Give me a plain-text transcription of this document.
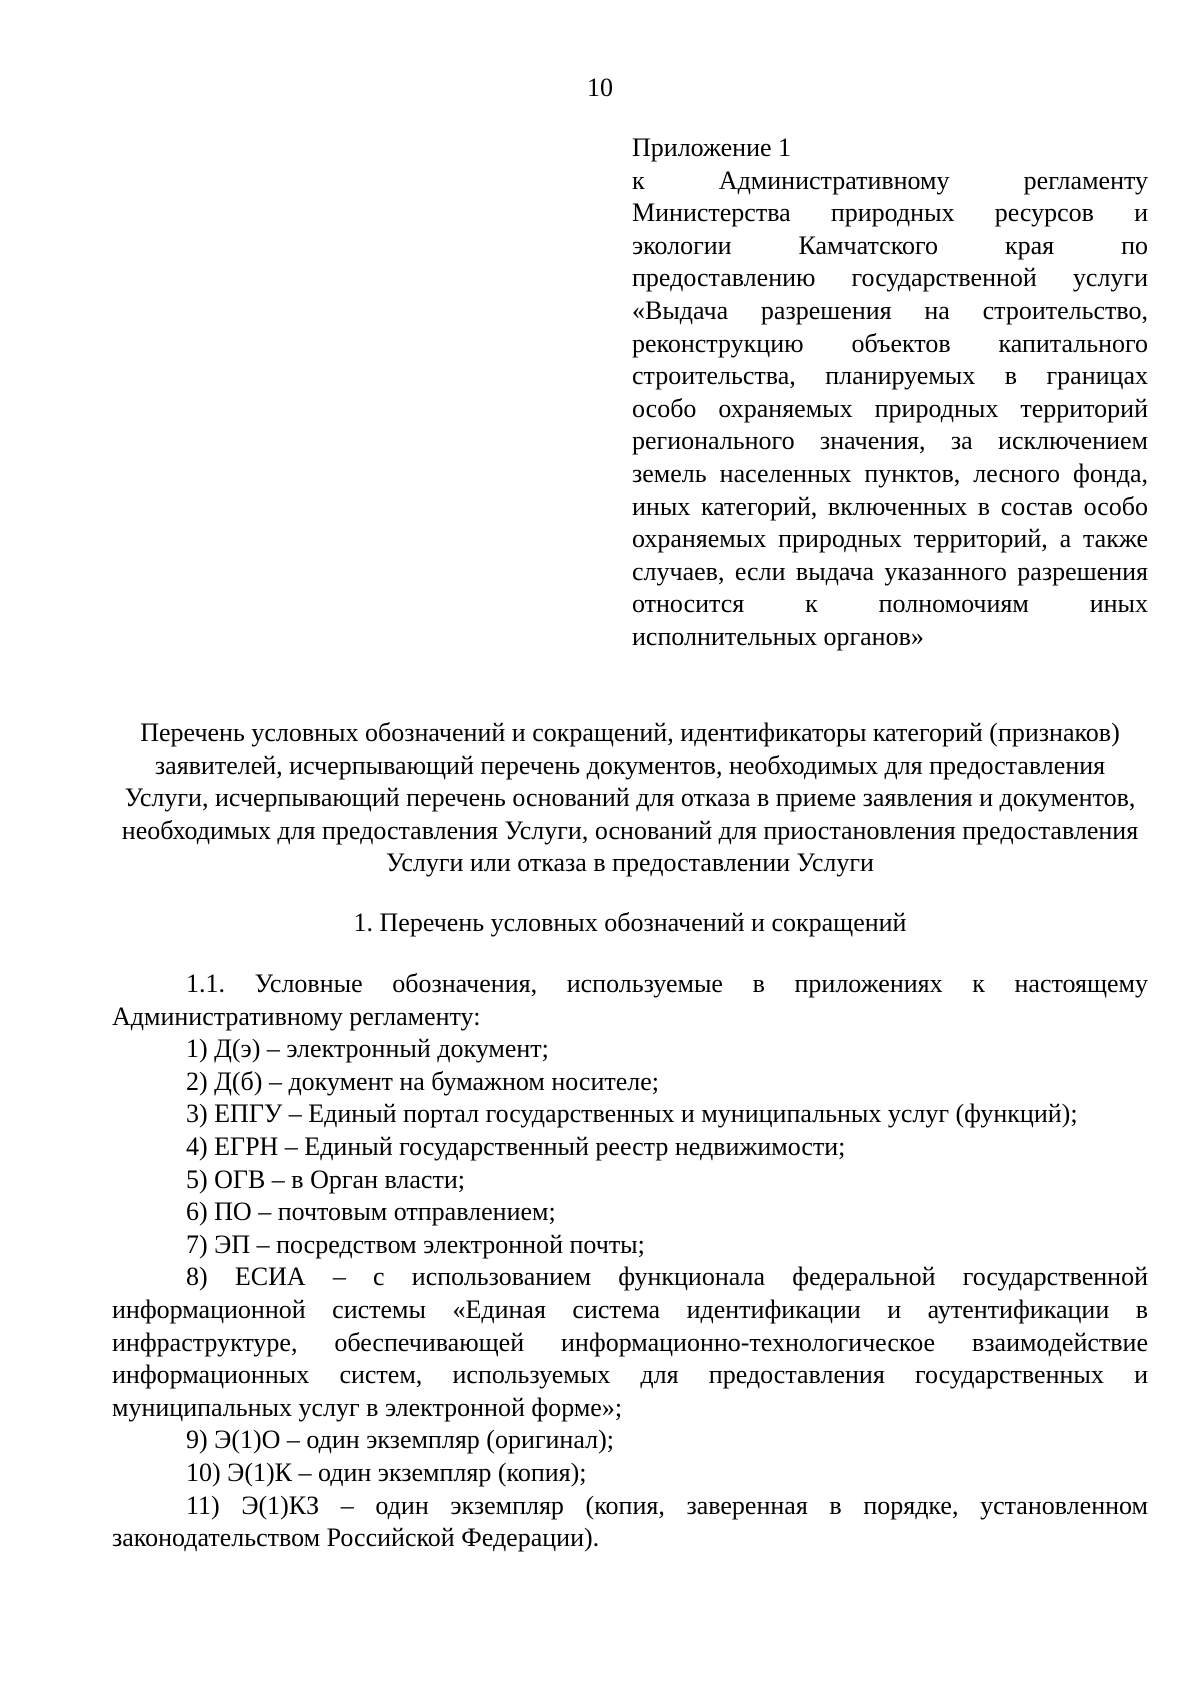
10
Приложение 1
к Административному регламенту Министерства природных ресурсов и экологии Камчатского края по предоставлению государственной услуги «Выдача разрешения на строительство, реконструкцию объектов капитального строительства, планируемых в границах особо охраняемых природных территорий регионального значения, за исключением земель населенных пунктов, лесного фонда, иных категорий, включенных в состав особо охраняемых природных территорий, а также случаев, если выдача указанного разрешения относится к полномочиям иных исполнительных органов»
Перечень условных обозначений и сокращений, идентификаторы категорий (признаков) заявителей, исчерпывающий перечень документов, необходимых для предоставления Услуги, исчерпывающий перечень оснований для отказа в приеме заявления и документов, необходимых для предоставления Услуги, оснований для приостановления предоставления Услуги или отказа в предоставлении Услуги
1. Перечень условных обозначений и сокращений

1.1. Условные обозначения, используемые в приложениях к настоящему Административному регламенту:

1) Д(э) – электронный документ;

2) Д(б) – документ на бумажном носителе;

3) ЕПГУ – Единый портал государственных и муниципальных услуг (функций);

4) ЕГРН – Единый государственный реестр недвижимости;

5) ОГВ – в Орган власти;

6) ПО – почтовым отправлением;

7) ЭП – посредством электронной почты;

8) ЕСИА – с использованием функционала федеральной государственной информационной системы «Единая система идентификации и аутентификации в инфраструктуре, обеспечивающей информационно-технологическое взаимодействие информационных систем, используемых для предоставления государственных и муниципальных услуг в электронной форме»;

9) Э(1)О – один экземпляр (оригинал);

10) Э(1)К – один экземпляр (копия);

11) Э(1)КЗ – один экземпляр (копия, заверенная в порядке, установленном законодательством Российской Федерации).
